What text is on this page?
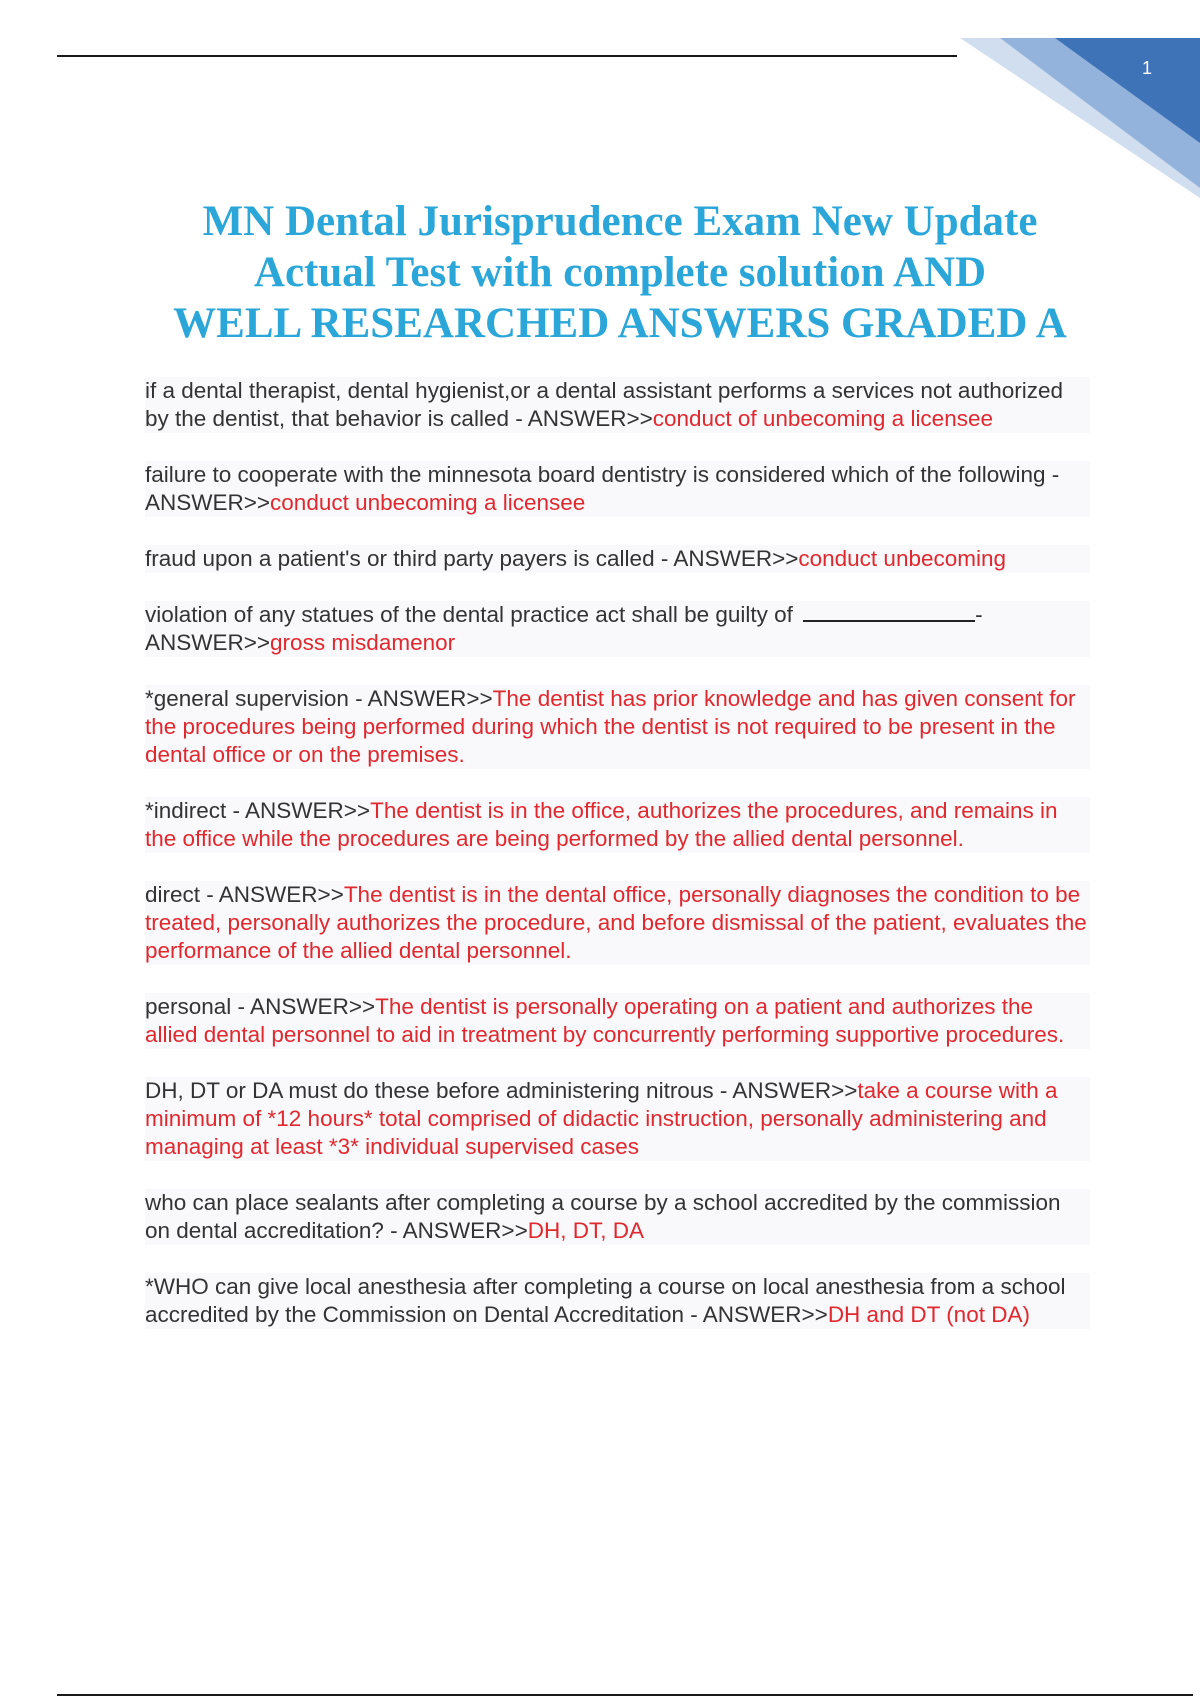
1
MN Dental Jurisprudence Exam New Update
Actual Test with complete solution AND
WELL RESEARCHED ANSWERS GRADED A

if a dental therapist, dental hygienist,or a dental assistant performs a services not authorized by the dentist, that behavior is called - ANSWER>>conduct of unbecoming a licensee

failure to cooperate with the minnesota board dentistry is considered which of the following - ANSWER>>conduct unbecoming a licensee

fraud upon a patient's or third party payers is called - ANSWER>>conduct unbecoming

violation of any statues of the dental practice act shall be guilty of	- ANSWER>>gross misdamenor

*general supervision - ANSWER>>The dentist has prior knowledge and has given consent for the procedures being performed during which the dentist is not required to be present in the dental office or on the premises.

*indirect - ANSWER>>The dentist is in the office, authorizes the procedures, and remains in the office while the procedures are being performed by the allied dental personnel.

direct - ANSWER>>The dentist is in the dental office, personally diagnoses the condition to be treated, personally authorizes the procedure, and before dismissal of the patient, evaluates the performance of the allied dental personnel.

personal - ANSWER>>The dentist is personally operating on a patient and authorizes the allied dental personnel to aid in treatment by concurrently performing supportive procedures.

DH, DT or DA must do these before administering nitrous - ANSWER>>take a course with a minimum of *12 hours* total comprised of didactic instruction, personally administering and managing at least *3* individual supervised cases

who can place sealants after completing a course by a school accredited by the commission on dental accreditation? - ANSWER>>DH, DT, DA

*WHO can give local anesthesia after completing a course on local anesthesia from a school accredited by the Commission on Dental Accreditation - ANSWER>>DH and DT (not DA)
